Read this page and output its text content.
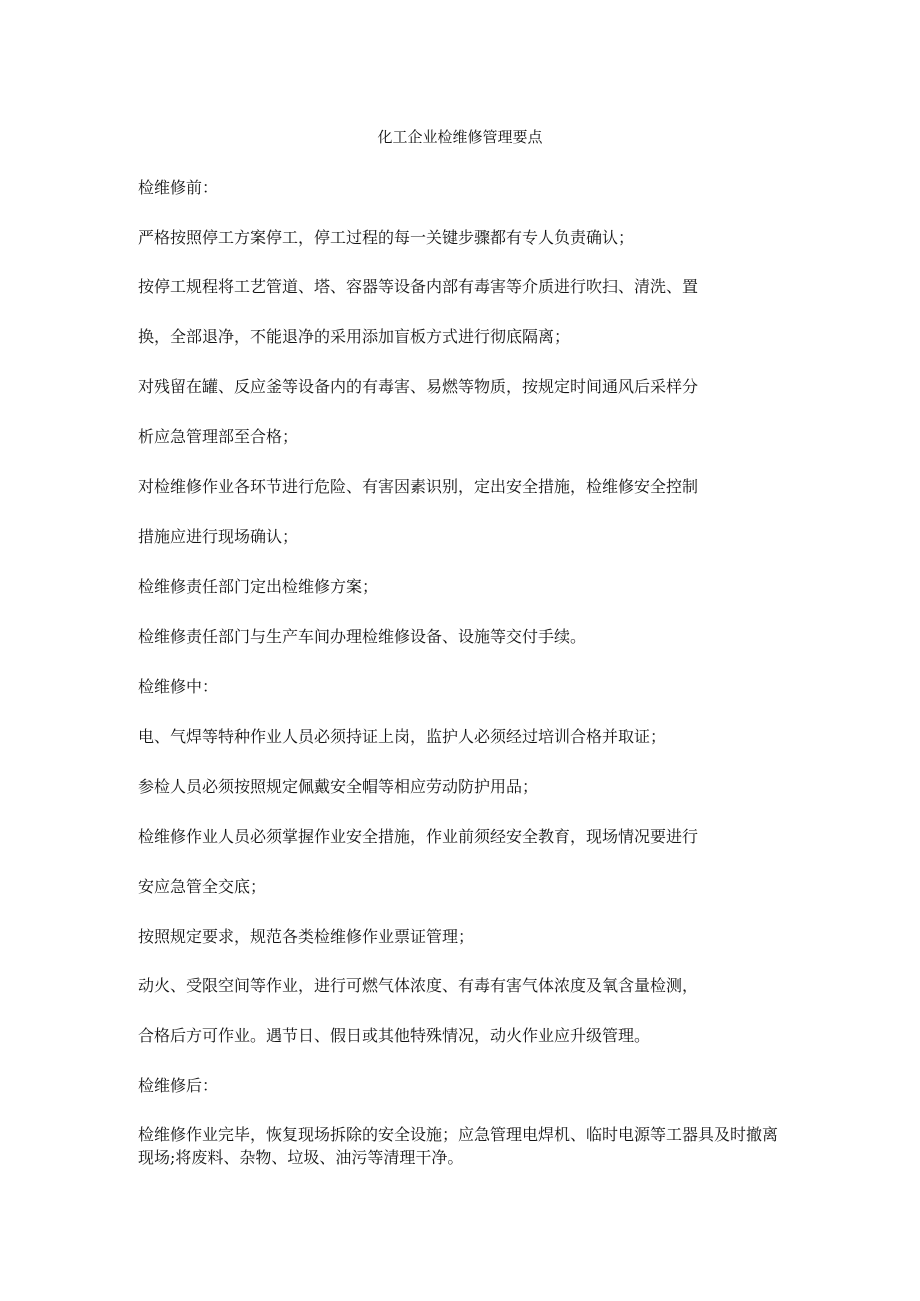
化工企业检维修管理要点
检维修前：
严格按照停工方案停工，停工过程的每一关键步骤都有专人负责确认；
按停工规程将工艺管道、塔、容器等设备内部有毒害等介质进行吹扫、清洗、置
换，全部退净，不能退净的采用添加盲板方式进行彻底隔离；
对残留在罐、反应釜等设备内的有毒害、易燃等物质，按规定时间通风后采样分
析应急管理部至合格；
对检维修作业各环节进行危险、有害因素识别，定出安全措施，检维修安全控制
措施应进行现场确认；
检维修责任部门定出检维修方案；
检维修责任部门与生产车间办理检维修设备、设施等交付手续。
检维修中：
电、气焊等特种作业人员必须持证上岗，监护人必须经过培训合格并取证；
参检人员必须按照规定佩戴安全帽等相应劳动防护用品；
检维修作业人员必须掌握作业安全措施，作业前须经安全教育，现场情况要进行
安应急管全交底；
按照规定要求，规范各类检维修作业票证管理；
动火、受限空间等作业，进行可燃气体浓度、有毒有害气体浓度及氧含量检测，
合格后方可作业。遇节日、假日或其他特殊情况，动火作业应升级管理。
检维修后：
检维修作业完毕，恢复现场拆除的安全设施；应急管理电焊机、临时电源等工器具及时撤离现场;将废料、杂物、垃圾、油污等清理干净。
